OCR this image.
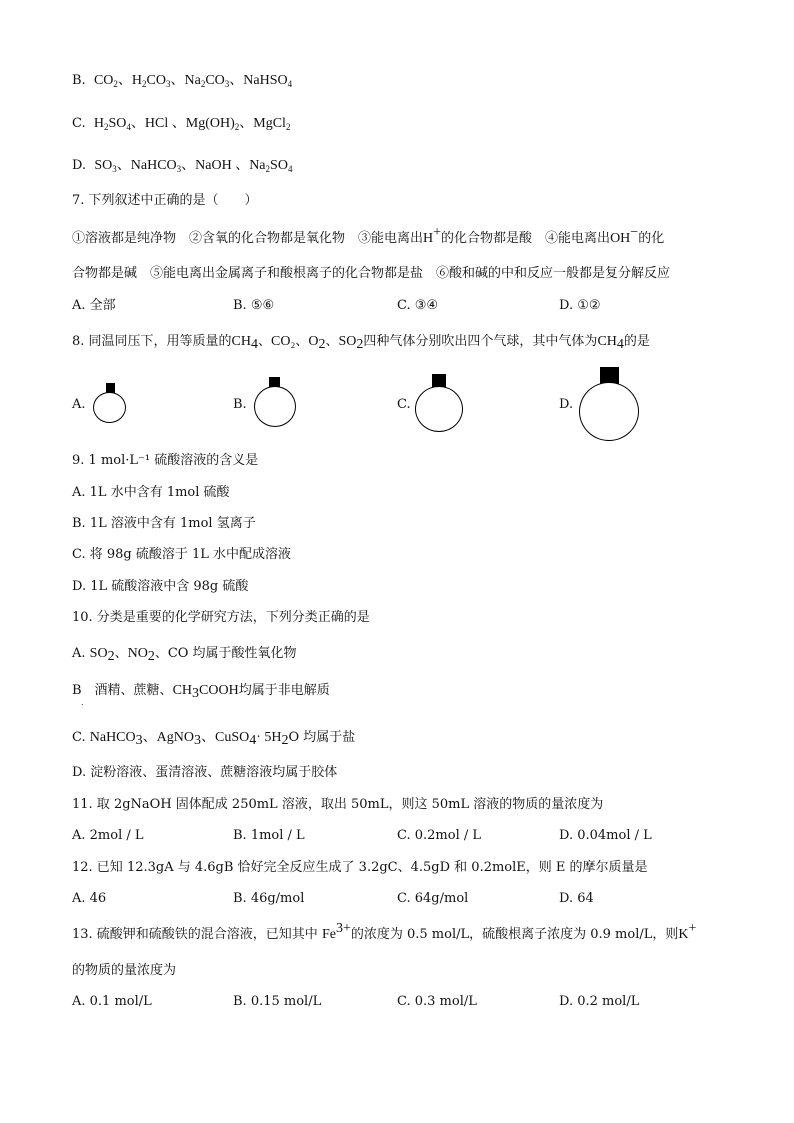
B. $CO_2$、$H_2CO_3$、$Na_2CO_3$、NaHSO$_4$
C. $H_2SO_4$、HCl 、$Mg(OH)_2$、MgCl$_2$
D. $SO_3$、NaHCO$_3$、NaOH 、$Na_2SO_4$
7. 下列叙述中正确的是（　　）
①溶液都是纯净物　②含氧的化合物都是氧化物　③能电离出H+的化合物都是酸　④能电离出OH−的化
合物都是碱　⑤能电离出金属离子和酸根离子的化合物都是盐　⑥酸和碱的中和反应一般都是复分解反应
A. 全部	B. ⑤⑥	C. ③④	D. ①②
8. 同温同压下，用等质量的$CH_4$、CO₂、$O_2$、$SO_2$四种气体分别吹出四个气球，其中气体为$CH_4$的是
A.	B.	C.	D.
9. 1 mol·L⁻¹ 硫酸溶液的含义是
A. 1L 水中含有 1mol 硫酸
B. 1L 溶液中含有 1mol 氢离子
C. 将 98g 硫酸溶于 1L 水中配成溶液
D. 1L 硫酸溶液中含 98g 硫酸
10. 分类是重要的化学研究方法，下列分类正确的是
A. $SO_2$、$NO_2$、CO 均属于酸性氧化物
B　酒精、蔗糖、$CH_3COOH$均属于非电解质
.
C. NaHCO$_3$、AgNO$_3$、CuSO$_4$· $5H_2O$ 均属于盐
D. 淀粉溶液、蛋清溶液、蔗糖溶液均属于胶体
11. 取 2gNaOH 固体配成 250mL 溶液，取出 50mL，则这 50mL 溶液的物质的量浓度为
A. 2mol / L	B. 1mol / L	C. 0.2mol / L	D. 0.04mol / L
12. 已知 12.3gA 与 4.6gB 恰好完全反应生成了 3.2gC、4.5gD 和 0.2molE，则 E 的摩尔质量是
A. 46	B. 46g/mol	C. 64g/mol	D. 64
13. 硫酸钾和硫酸铁的混合溶液，已知其中 $Fe^{3+}$的浓度为 0.5 mol/L，硫酸根离子浓度为 0.9 mol/L，则K+
的物质的量浓度为
A. 0.1 mol/L	B. 0.15 mol/L	C. 0.3 mol/L	D. 0.2 mol/L
